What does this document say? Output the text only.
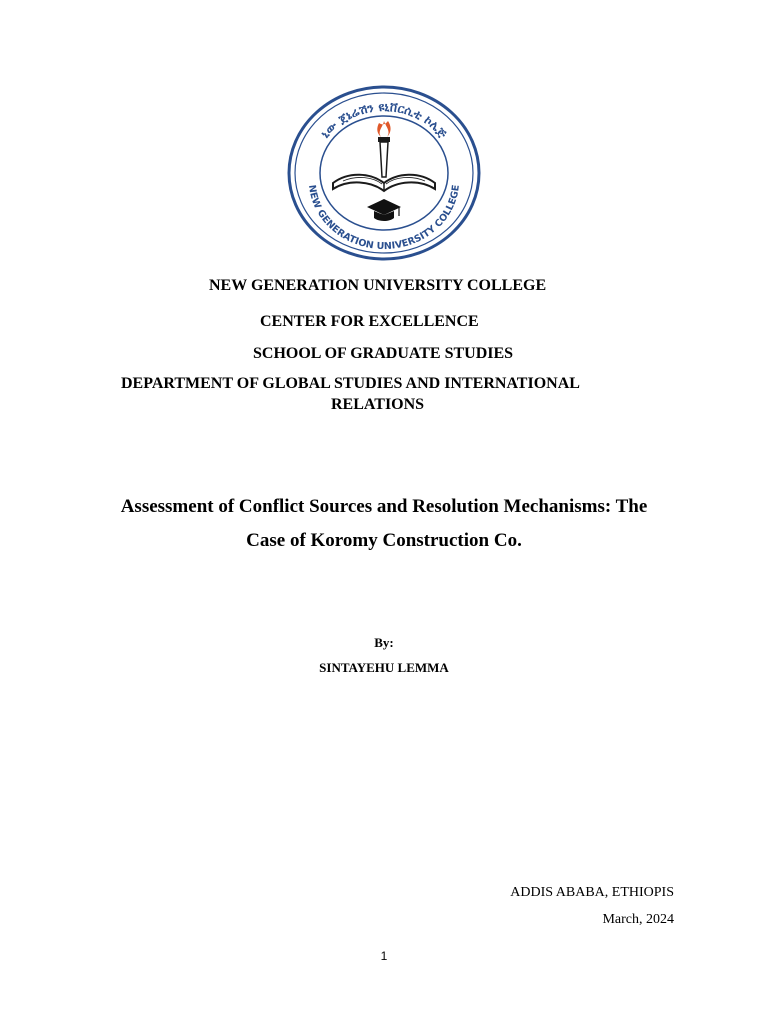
ኒው ጀኔሬሽን ዩኒቨርሲቲ ኮሌጅ
NEW GENERATION UNIVERSITY COLLEGE
NEW GENERATION UNIVERSITY COLLEGE
CENTER FOR EXCELLENCE
SCHOOL OF GRADUATE STUDIES
DEPARTMENT OF GLOBAL STUDIES AND INTERNATIONAL
RELATIONS
Assessment of Conflict Sources and Resolution Mechanisms: The
Case of Koromy Construction Co.
By:
SINTAYEHU LEMMA
ADDIS ABABA, ETHIOPIS
March, 2024
1
